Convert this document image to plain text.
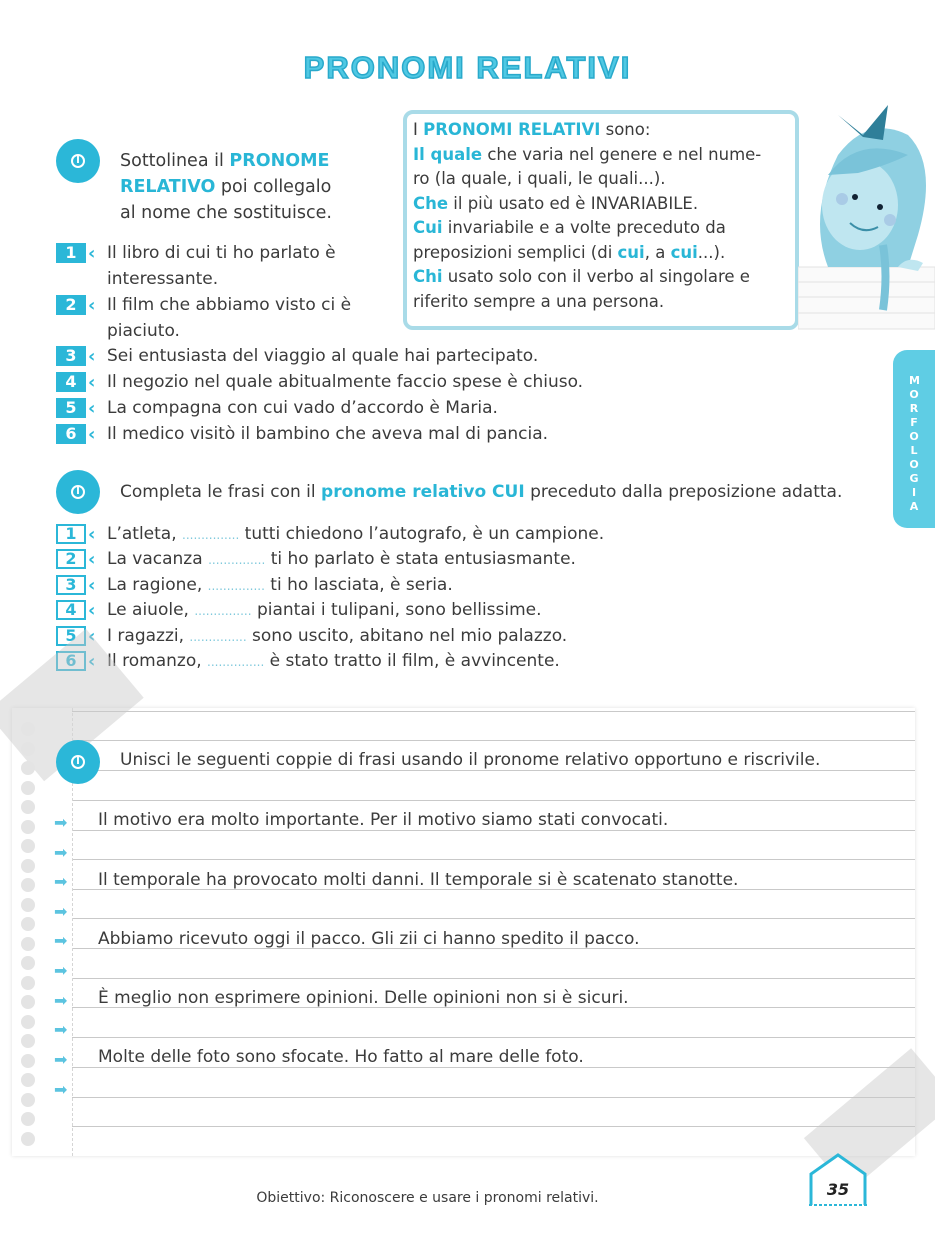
PRONOMI RELATIVI
I Sottolinea il PRONOME
RELATIVO poi collegalo
al nome che sostituisce.
1 ‹ Il libro di cui ti ho parlato è
interessante.
2 ‹ Il film che abbiamo visto ci è
piaciuto.
3 ‹ Sei entusiasta del viaggio al quale hai partecipato.
4 ‹ Il negozio nel quale abitualmente faccio spese è chiuso.
5 ‹ La compagna con cui vado d’accordo è Maria.
6 ‹ Il medico visitò il bambino che aveva mal di pancia.
I PRONOMI RELATIVI sono:
Il quale che varia nel genere e nel nume-
ro (la quale, i quali, le quali...).
Che il più usato ed è INVARIABILE.
Cui invariabile e a volte preceduto da
preposizioni semplici (di cui, a cui...).
Chi usato solo con il verbo al singolare e
riferito sempre a una persona.
MORFOLOGIA
I	Completa le frasi con il pronome relativo CUI preceduto dalla preposizione adatta.
1 ‹ L’atleta, ............... tutti chiedono l’autografo, è un campione.
2 ‹ La vacanza ............... ti ho parlato è stata entusiasmante.
3 ‹ La ragione, ............... ti ho lasciata, è seria.
4 ‹ Le aiuole, ............... piantai i tulipani, sono bellissime.
5 ‹ I ragazzi, ............... sono uscito, abitano nel mio palazzo.
6 ‹ Il romanzo, ............... è stato tratto il film, è avvincente.
I	Unisci le seguenti coppie di frasi usando il pronome relativo opportuno e riscrivile.
➡
➡
➡
➡
➡
➡
➡
➡
➡
➡
Il motivo era molto importante. Per il motivo siamo stati convocati.
Il temporale ha provocato molti danni. Il temporale si è scatenato stanotte.
Abbiamo ricevuto oggi il pacco. Gli zii ci hanno spedito il pacco.
È meglio non esprimere opinioni. Delle opinioni non si è sicuri.
Molte delle foto sono sfocate. Ho fatto al mare delle foto.
Obiettivo: Riconoscere e usare i pronomi relativi.	35
